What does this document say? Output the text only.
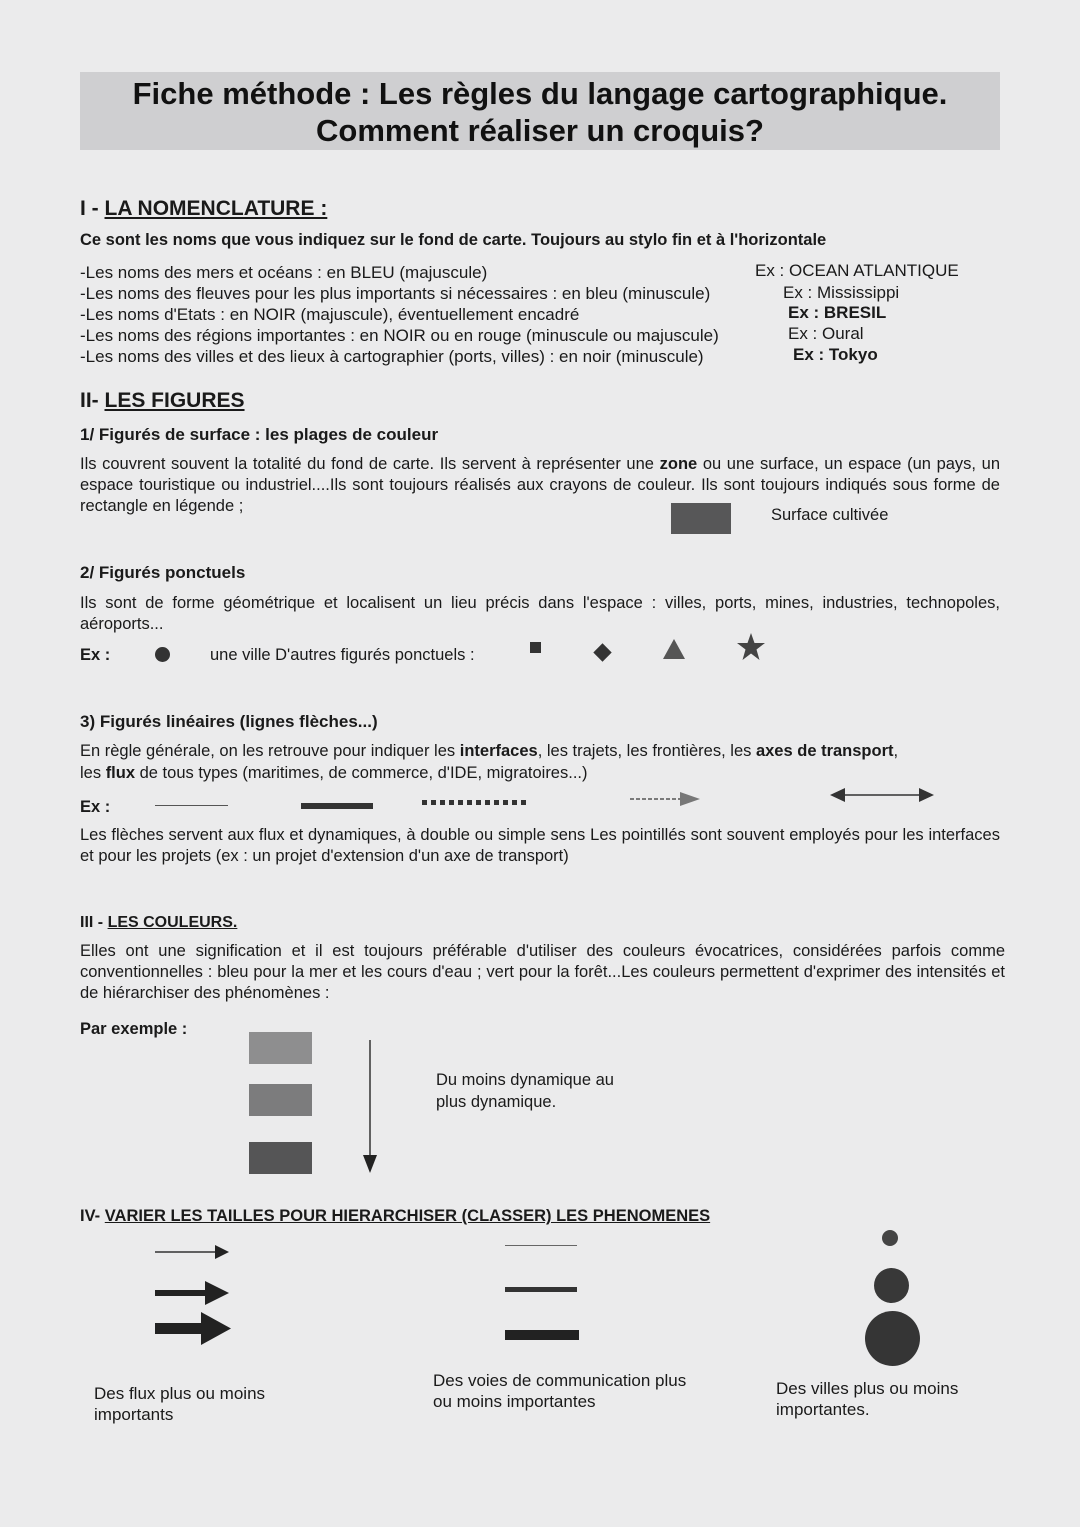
Fiche méthode : Les règles du langage cartographique.
Comment réaliser un croquis?
I - LA NOMENCLATURE :
Ce sont les noms que vous indiquez sur le fond de carte. Toujours au stylo fin et à l'horizontale
-Les noms des mers et océans : en BLEU (majuscule)	Ex : OCEAN ATLANTIQUE
-Les noms des fleuves pour les plus importants si nécessaires : en bleu (minuscule)	Ex : Mississippi
-Les noms d'Etats : en NOIR (majuscule), éventuellement encadré	Ex : BRESIL
-Les noms des régions importantes : en NOIR ou en rouge (minuscule ou majuscule)	Ex : Oural
-Les noms des villes et des lieux à cartographier (ports, villes) : en noir (minuscule)	Ex : Tokyo
II- LES FIGURES
1/ Figurés de surface : les plages de couleur
Ils couvrent souvent la totalité du fond de carte. Ils servent à représenter une zone ou une surface, un espace (un pays, un espace touristique ou industriel....Ils sont toujours réalisés aux crayons de couleur. Ils sont toujours indiqués sous forme de rectangle en légende ;	Surface cultivée
2/ Figurés ponctuels
Ils sont de forme géométrique et localisent un lieu précis dans l'espace : villes, ports, mines, industries, technopoles, aéroports...
Ex :	une ville D'autres figurés ponctuels :
3) Figurés linéaires (lignes flèches...)
En règle générale, on les retrouve pour indiquer les interfaces, les trajets, les frontières, les axes de transport,
les flux de tous types (maritimes, de commerce, d'IDE, migratoires...)
Ex :
Les flèches servent aux flux et dynamiques, à double ou simple sens Les pointillés sont souvent employés pour les interfaces et pour les projets (ex : un projet d'extension d'un axe de transport)
III - LES COULEURS.
Elles ont une signification et il est toujours préférable d'utiliser des couleurs évocatrices, considérées parfois comme conventionnelles : bleu pour la mer et les cours d'eau ; vert pour la forêt...Les couleurs permettent d'exprimer des intensités et de hiérarchiser des phénomènes :
Par exemple :
Du moins dynamique au
plus dynamique.
IV- VARIER LES TAILLES POUR HIERARCHISER (CLASSER) LES PHENOMENES
Des flux plus ou moins
importants
Des voies de communication plus
ou moins importantes
Des villes plus ou moins
importantes.
